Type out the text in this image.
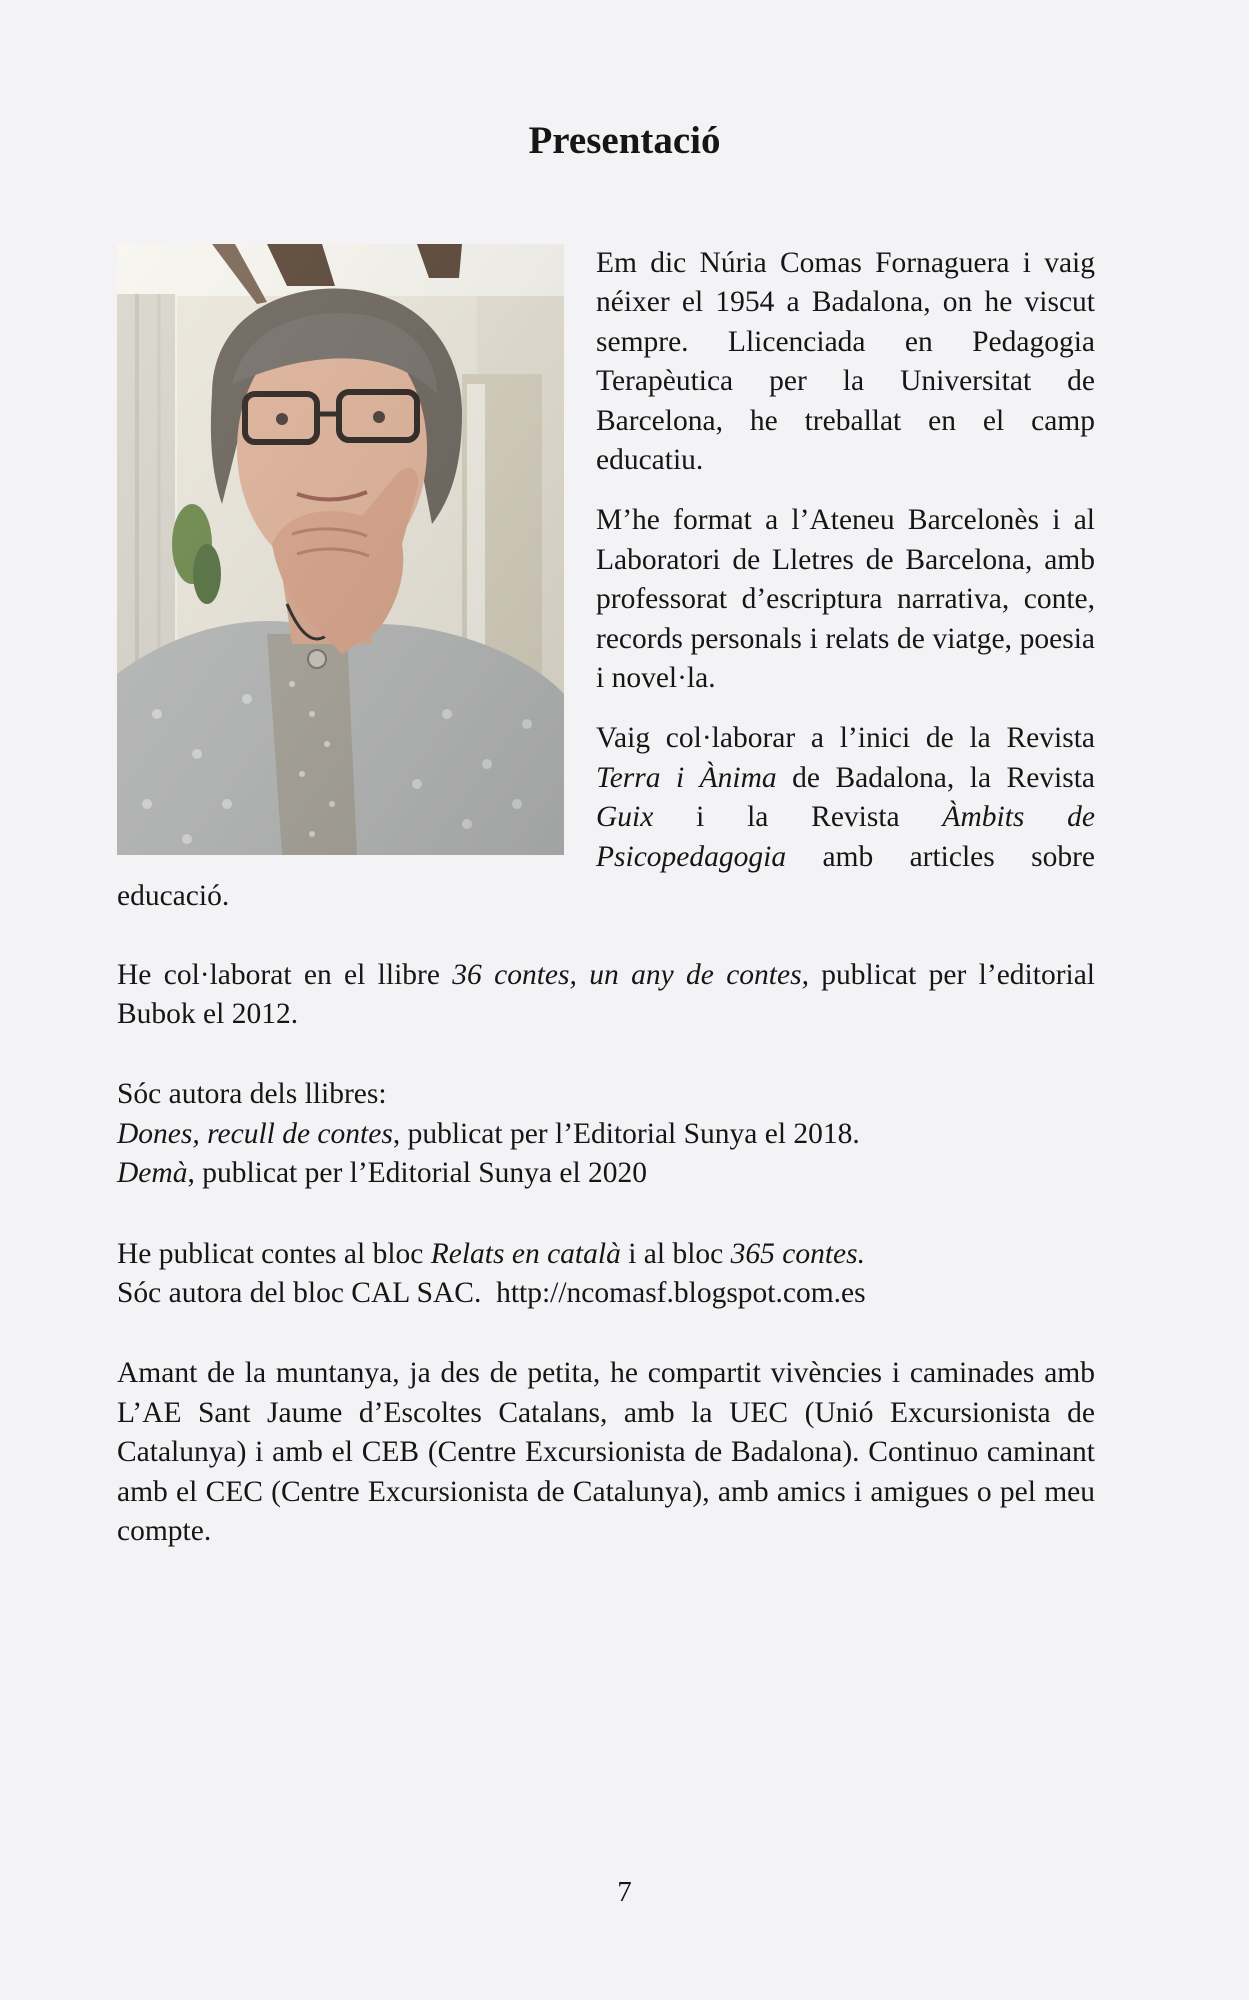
Presentació

Em dic Núria Comas Fornaguera i vaig néixer el 1954 a Badalona, on he viscut sempre. Llicenciada en Pedagogia Terapèutica per la Universitat de Barcelona, he treballat en el camp educatiu.

M’he format a l’Ateneu Barcelonès i al Laboratori de Lletres de Barcelona, amb professorat d’escriptura narrativa, conte, records personals i relats de viatge, poesia i novel·la.

Vaig col·laborar a l’inici de la Revista Terra i Ànima de Badalona, la Revista Guix i la Revista Àmbits de Psicopedagogia amb articles sobre educació.

He col·laborat en el llibre 36 contes, un any de contes, publicat per l’editorial Bubok el 2012.

Sóc autora dels llibres:
Dones, recull de contes, publicat per l’Editorial Sunya el 2018.
Demà, publicat per l’Editorial Sunya el 2020

He publicat contes al bloc Relats en català i al bloc 365 contes.
Sóc autora del bloc CAL SAC. http://ncomasf.blogspot.com.es

Amant de la muntanya, ja des de petita, he compartit vivències i caminades amb L’AE Sant Jaume d’Escoltes Catalans, amb la UEC (Unió Excursionista de Catalunya) i amb el CEB (Centre Excursionista de Badalona). Continuo caminant amb el CEC (Centre Excursionista de Catalunya), amb amics i amigues o pel meu compte.

7
